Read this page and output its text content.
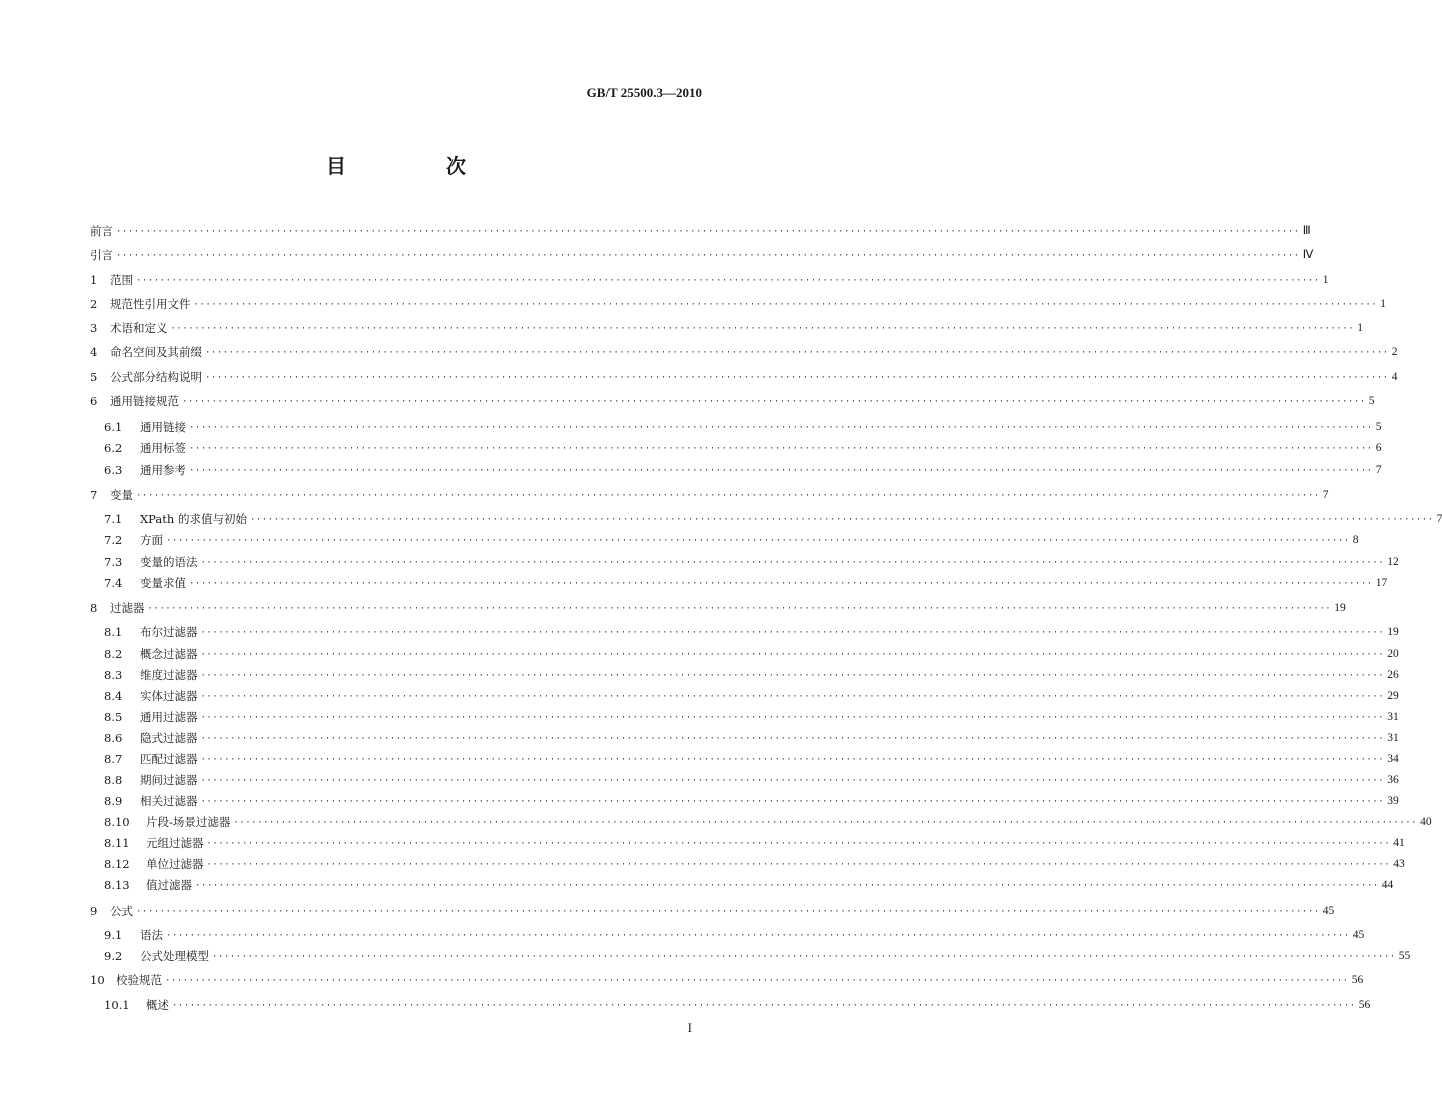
GB/T 25500.3—2010
目　次
前言 ········································································································································································································ Ⅲ
引言 ········································································································································································································ Ⅳ
1	范围 ········································································································································································································ 1
2	规范性引用文件 ········································································································································································································ 1
3	术语和定义 ········································································································································································································ 1
4	命名空间及其前缀 ········································································································································································································ 2
5	公式部分结构说明 ········································································································································································································ 4
6	通用链接规范 ········································································································································································································ 5
6.1	通用链接 ········································································································································································································ 5
6.2	通用标签 ········································································································································································································ 6
6.3	通用参考 ········································································································································································································ 7
7	变量 ········································································································································································································ 7
7.1	XPath 的求值与初始 ········································································································································································································ 7
7.2	方面 ········································································································································································································ 8
7.3	变量的语法 ········································································································································································································ 12
7.4	变量求值 ········································································································································································································ 17
8	过滤器 ········································································································································································································ 19
8.1	布尔过滤器 ········································································································································································································ 19
8.2	概念过滤器 ········································································································································································································ 20
8.3	维度过滤器 ········································································································································································································ 26
8.4	实体过滤器 ········································································································································································································ 29
8.5	通用过滤器 ········································································································································································································ 31
8.6	隐式过滤器 ········································································································································································································ 31
8.7	匹配过滤器 ········································································································································································································ 34
8.8	期间过滤器 ········································································································································································································ 36
8.9	相关过滤器 ········································································································································································································ 39
8.10	片段-场景过滤器 ········································································································································································································ 40
8.11	元组过滤器 ········································································································································································································ 41
8.12	单位过滤器 ········································································································································································································ 43
8.13	值过滤器 ········································································································································································································ 44
9	公式 ········································································································································································································ 45
9.1	语法 ········································································································································································································ 45
9.2	公式处理模型 ········································································································································································································ 55
10 校验规范 ········································································································································································································ 56
10.1	概述 ········································································································································································································ 56
I
